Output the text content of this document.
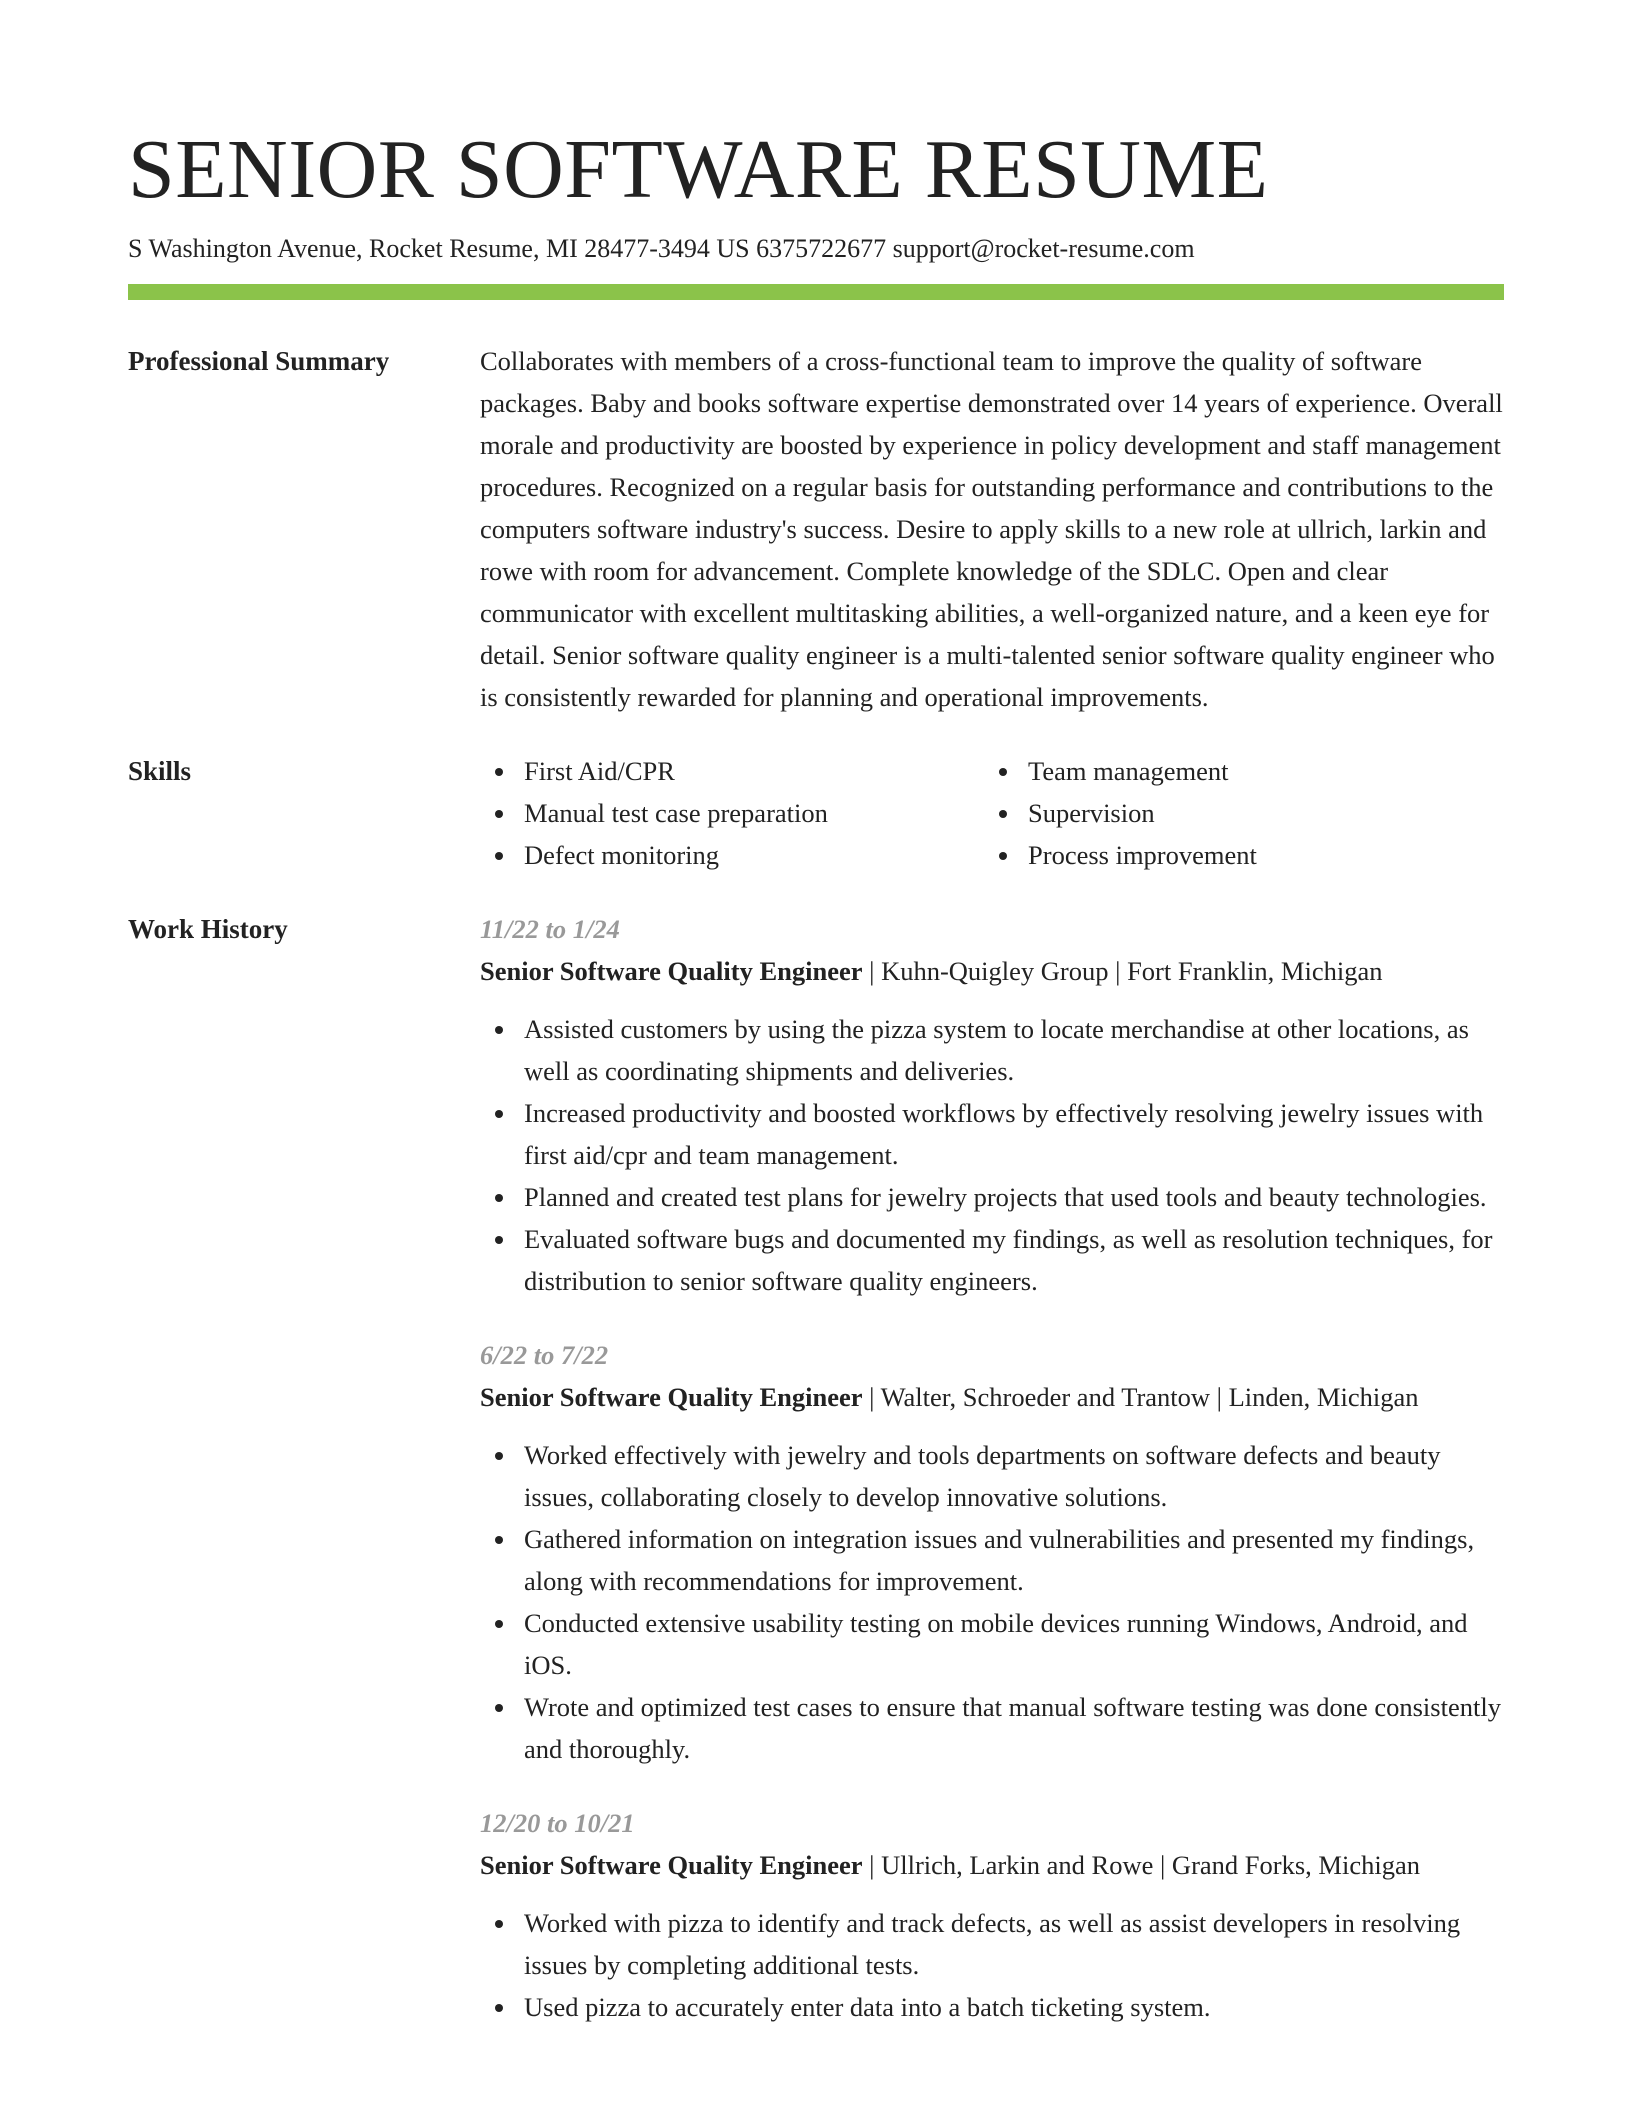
SENIOR SOFTWARE RESUME
S Washington Avenue, Rocket Resume, MI 28477-3494 US 6375722677 support@rocket-resume.com
Professional Summary	Collaborates with members of a cross-functional team to improve the quality of software packages. Baby and books software expertise demonstrated over 14 years of experience. Overall morale and productivity are boosted by experience in policy development and staff management procedures. Recognized on a regular basis for outstanding performance and contributions to the computers software industry's success. Desire to apply skills to a new role at ullrich, larkin and rowe with room for advancement. Complete knowledge of the SDLC. Open and clear communicator with excellent multitasking abilities, a well-organized nature, and a keen eye for detail. Senior software quality engineer is a multi-talented senior software quality engineer who is consistently rewarded for planning and operational improvements.

Skills	First Aid/CPR	Team management
Manual test case preparation	Supervision
Defect monitoring	Process improvement
Work History	11/22 to 1/24
Senior Software Quality Engineer | Kuhn-Quigley Group | Fort Franklin, Michigan
Assisted customers by using the pizza system to locate merchandise at other locations, as well as coordinating shipments and deliveries.
Increased productivity and boosted workflows by effectively resolving jewelry issues with first aid/cpr and team management.
Planned and created test plans for jewelry projects that used tools and beauty technologies.
Evaluated software bugs and documented my findings, as well as resolution techniques, for distribution to senior software quality engineers.
6/22 to 7/22
Senior Software Quality Engineer | Walter, Schroeder and Trantow | Linden, Michigan
Worked effectively with jewelry and tools departments on software defects and beauty issues, collaborating closely to develop innovative solutions.
Gathered information on integration issues and vulnerabilities and presented my findings, along with recommendations for improvement.
Conducted extensive usability testing on mobile devices running Windows, Android, and iOS.
Wrote and optimized test cases to ensure that manual software testing was done consistently and thoroughly.
12/20 to 10/21
Senior Software Quality Engineer | Ullrich, Larkin and Rowe | Grand Forks, Michigan
Worked with pizza to identify and track defects, as well as assist developers in resolving issues by completing additional tests.
Used pizza to accurately enter data into a batch ticketing system.
